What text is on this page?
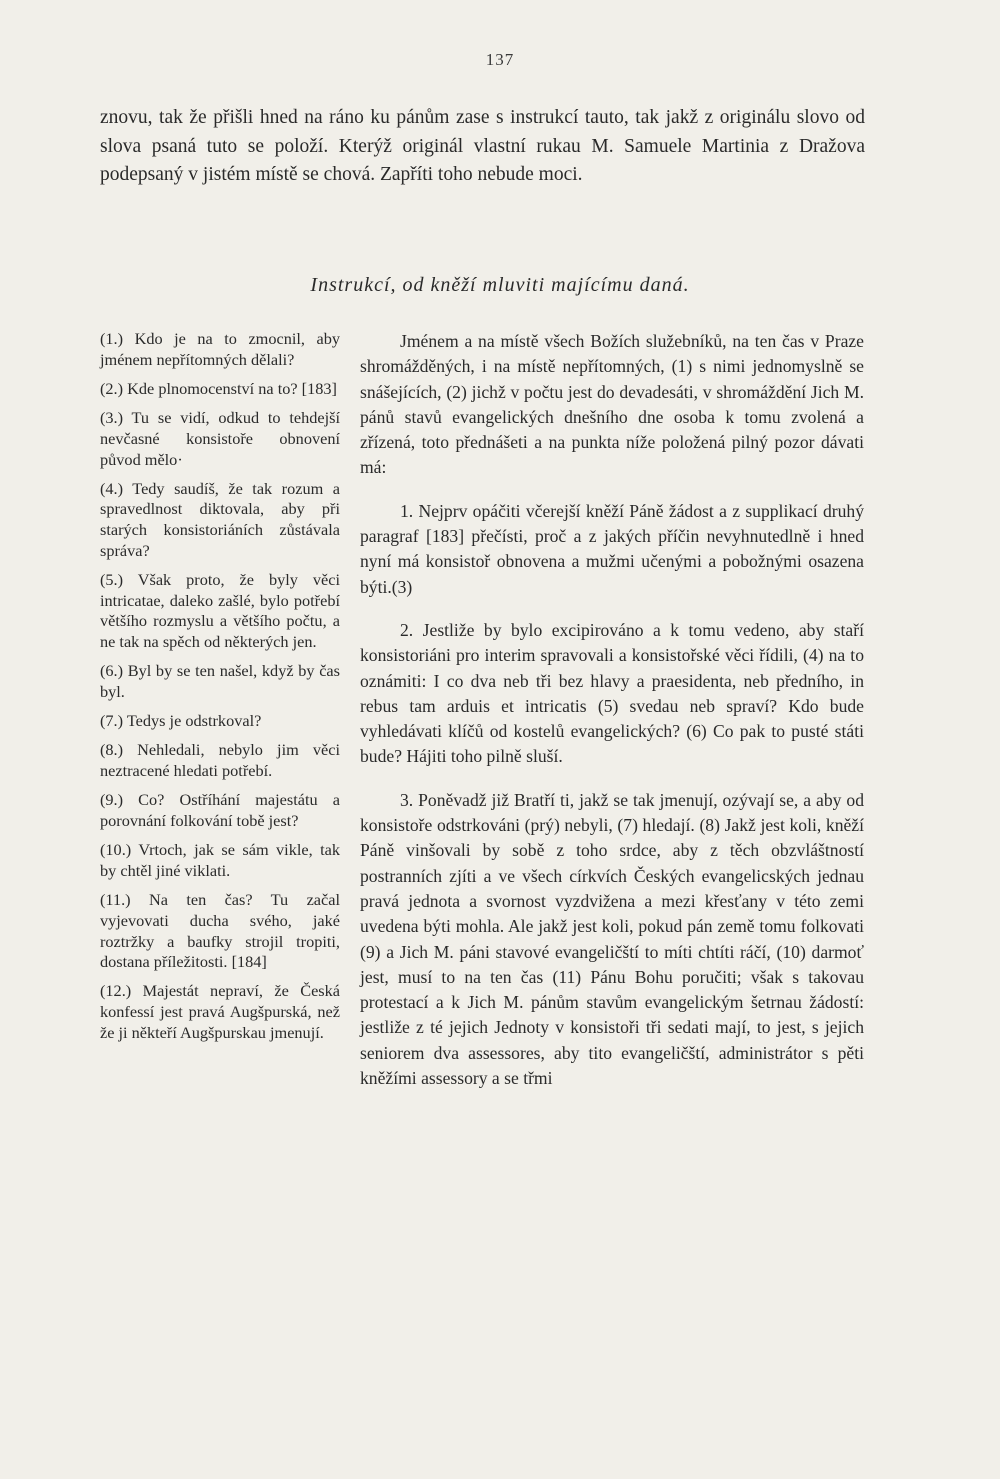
137

znovu, tak že přišli hned na ráno ku pánům zase s instrukcí tauto, tak jakž z originálu slovo od slova psaná tuto se položí. Kterýž originál vlastní rukau M. Samuele Martinia z Dražova podepsaný v jistém místě se chová. Zapříti toho nebude moci.

Instrukcí, od kněží mluviti majícímu daná.

(1.) Kdo je na to zmocnil, aby jménem nepřítomných dělali?

(2.) Kde plnomocenství na to? [183]

(3.) Tu se vidí, odkud to tehdejší nevčasné konsistoře obnovení původ mělo·

(4.) Tedy saudíš, že tak rozum a spravedlnost diktovala, aby při starých konsistoriáních zůstávala správa?

(5.) Však proto, že byly věci intricatae, daleko zašlé, bylo potřebí většího rozmyslu a většího počtu, a ne tak na spěch od některých jen.

(6.) Byl by se ten našel, když by čas byl.

(7.) Tedys je odstrkoval?

(8.) Nehledali, nebylo jim věci neztracené hledati potřebí.

(9.) Co? Ostříhání majestátu a porovnání folkování tobě jest?

(10.) Vrtoch, jak se sám vikle, tak by chtěl jiné viklati.

(11.) Na ten čas? Tu začal vyjevovati ducha svého, jaké roztržky a baufky strojil tropiti, dostana příležitosti. [184]

(12.) Majestát nepraví, že Česká konfessí jest pravá Augšpurská, než že ji někteří Augšpurskau jmenují.

Jménem a na místě všech Božích služebníků, na ten čas v Praze shromážděných, i na místě nepřítomných, (1) s nimi jednomyslně se snášejících, (2) jichž v počtu jest do devadesáti, v shromáždění Jich M. pánů stavů evangelických dnešního dne osoba k tomu zvolená a zřízená, toto přednášeti a na punkta níže položená pilný pozor dávati má:

1. Nejprv opáčiti včerejší kněží Páně žádost a z supplikací druhý paragraf [183] přečísti, proč a z jakých příčin nevyhnutedlně i hned nyní má konsistoř obnovena a mužmi učenými a pobožnými osazena býti.(3)

2. Jestliže by bylo excipirováno a k tomu vedeno, aby staří konsistoriáni pro interim spravovali a konsistořské věci řídili, (4) na to oznámiti: I co dva neb tři bez hlavy a praesidenta, neb předního, in rebus tam arduis et intricatis (5) svedau neb spraví? Kdo bude vyhledávati klíčů od kostelů evangelických? (6) Co pak to pusté státi bude? Hájiti toho pilně sluší.

3. Poněvadž již Bratří ti, jakž se tak jmenují, ozývají se, a aby od konsistoře odstrkováni (prý) nebyli, (7) hledají. (8) Jakž jest koli, kněží Páně vinšovali by sobě z toho srdce, aby z těch obzvláštností postranních zjíti a ve všech církvích Českých evangelicských jednau pravá jednota a svornost vyzdvižena a mezi křesťany v této zemi uvedena býti mohla. Ale jakž jest koli, pokud pán země tomu folkovati (9) a Jich M. páni stavové evangeličští to míti chtíti ráčí, (10) darmoť jest, musí to na ten čas (11) Pánu Bohu poručiti; však s takovau protestací a k Jich M. pánům stavům evangelickým šetrnau žádostí: jestliže z té jejich Jednoty v konsistoři tři sedati mají, to jest, s jejich seniorem dva assessores, aby tito evangeličští, administrátor s pěti kněžími assessory a se třmi
